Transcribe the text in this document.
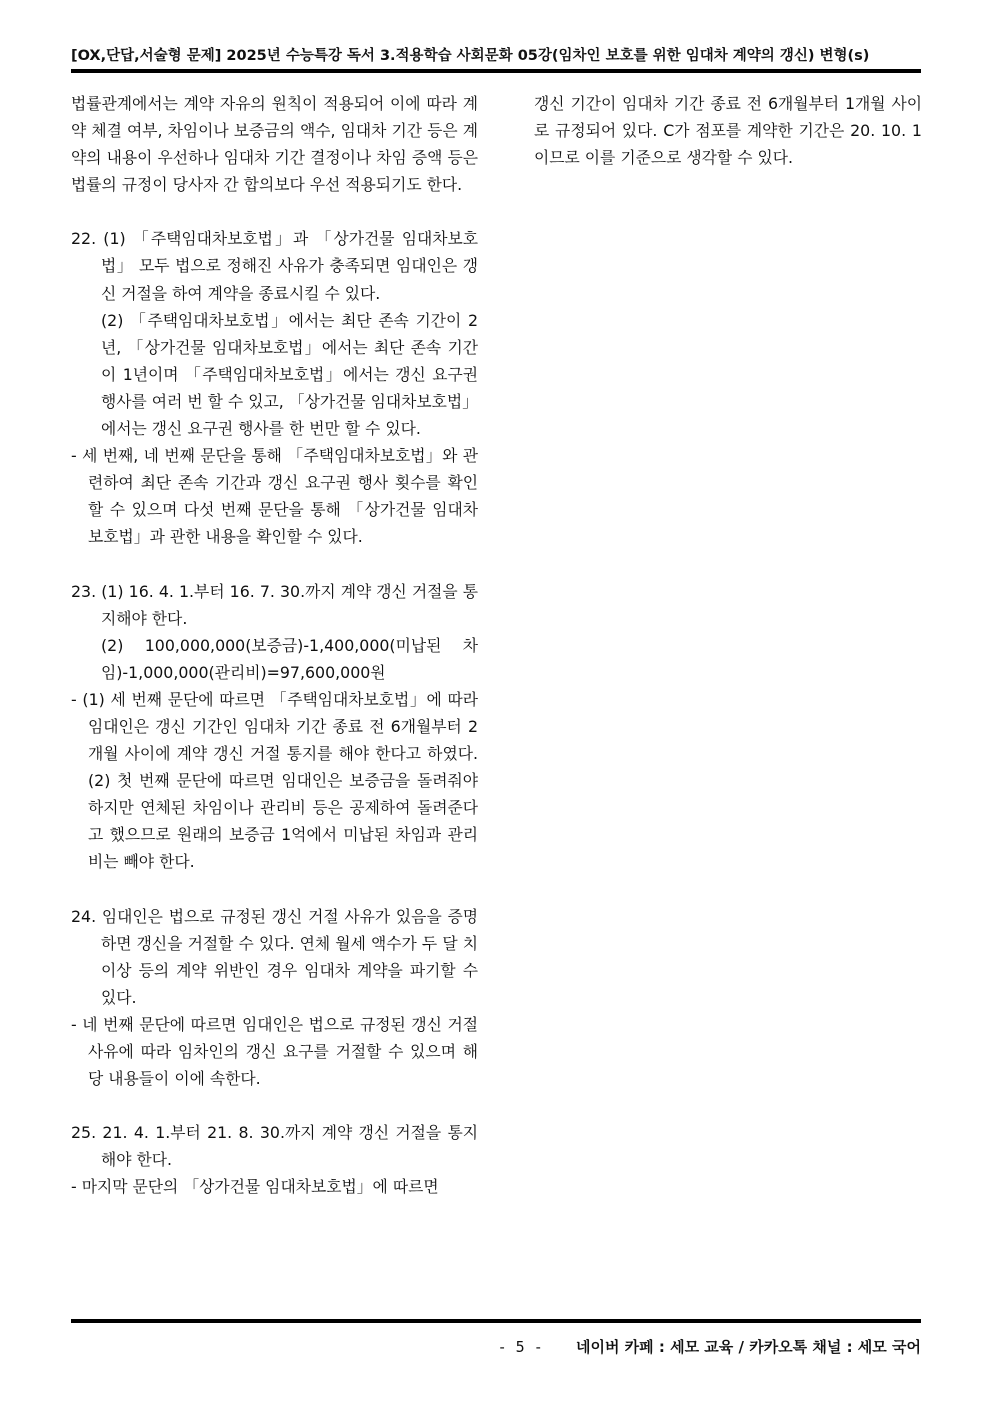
[OX,단답,서술형 문제] 2025년 수능특강 독서 3.적용학습 사회문화 05강(임차인 보호를 위한 임대차 계약의 갱신) 변형(s)

법률관계에서는 계약 자유의 원칙이 적용되어 이에 따라 계약 체결 여부, 차임이나 보증금의 액수, 임대차 기간 등은 계약의 내용이 우선하나 임대차 기간 결정이나 차임 증액 등은 법률의 규정이 당사자 간 합의보다 우선 적용되기도 한다.

22. (1) 「주택임대차보호법」과 「상가건물 임대차보호법」 모두 법으로 정해진 사유가 충족되면 임대인은 갱신 거절을 하여 계약을 종료시킬 수 있다.

(2) 「주택임대차보호법」에서는 최단 존속 기간이 2년, 「상가건물 임대차보호법」에서는 최단 존속 기간이 1년이며 「주택임대차보호법」에서는 갱신 요구권 행사를 여러 번 할 수 있고, 「상가건물 임대차보호법」에서는 갱신 요구권 행사를 한 번만 할 수 있다.

- 세 번째, 네 번째 문단을 통해 「주택임대차보호법」와 관련하여 최단 존속 기간과 갱신 요구권 행사 횟수를 확인할 수 있으며 다섯 번째 문단을 통해 「상가건물 임대차보호법」과 관한 내용을 확인할 수 있다.

23. (1) 16. 4. 1.부터 16. 7. 30.까지 계약 갱신 거절을 통지해야 한다.

(2) 100,000,000(보증금)-1,400,000(미납된 차임)-1,000,000(관리비)=97,600,000원

- (1) 세 번째 문단에 따르면 「주택임대차보호법」에 따라 임대인은 갱신 기간인 임대차 기간 종료 전 6개월부터 2개월 사이에 계약 갱신 거절 통지를 해야 한다고 하였다. (2) 첫 번째 문단에 따르면 임대인은 보증금을 돌려줘야 하지만 연체된 차임이나 관리비 등은 공제하여 돌려준다고 했으므로 원래의 보증금 1억에서 미납된 차임과 관리비는 빼야 한다.

24. 임대인은 법으로 규정된 갱신 거절 사유가 있음을 증명하면 갱신을 거절할 수 있다. 연체 월세 액수가 두 달 치 이상 등의 계약 위반인 경우 임대차 계약을 파기할 수 있다.

- 네 번째 문단에 따르면 임대인은 법으로 규정된 갱신 거절 사유에 따라 임차인의 갱신 요구를 거절할 수 있으며 해당 내용들이 이에 속한다.

25. 21. 4. 1.부터 21. 8. 30.까지 계약 갱신 거절을 통지해야 한다.

- 마지막 문단의 「상가건물 임대차보호법」에 따르면

갱신 기간이 임대차 기간 종료 전 6개월부터 1개월 사이로 규정되어 있다. C가 점포를 계약한 기간은 20. 10. 1이므로 이를 기준으로 생각할 수 있다.

- 5 - 네이버 카페 : 세모 교육 / 카카오톡 채널 : 세모 국어
